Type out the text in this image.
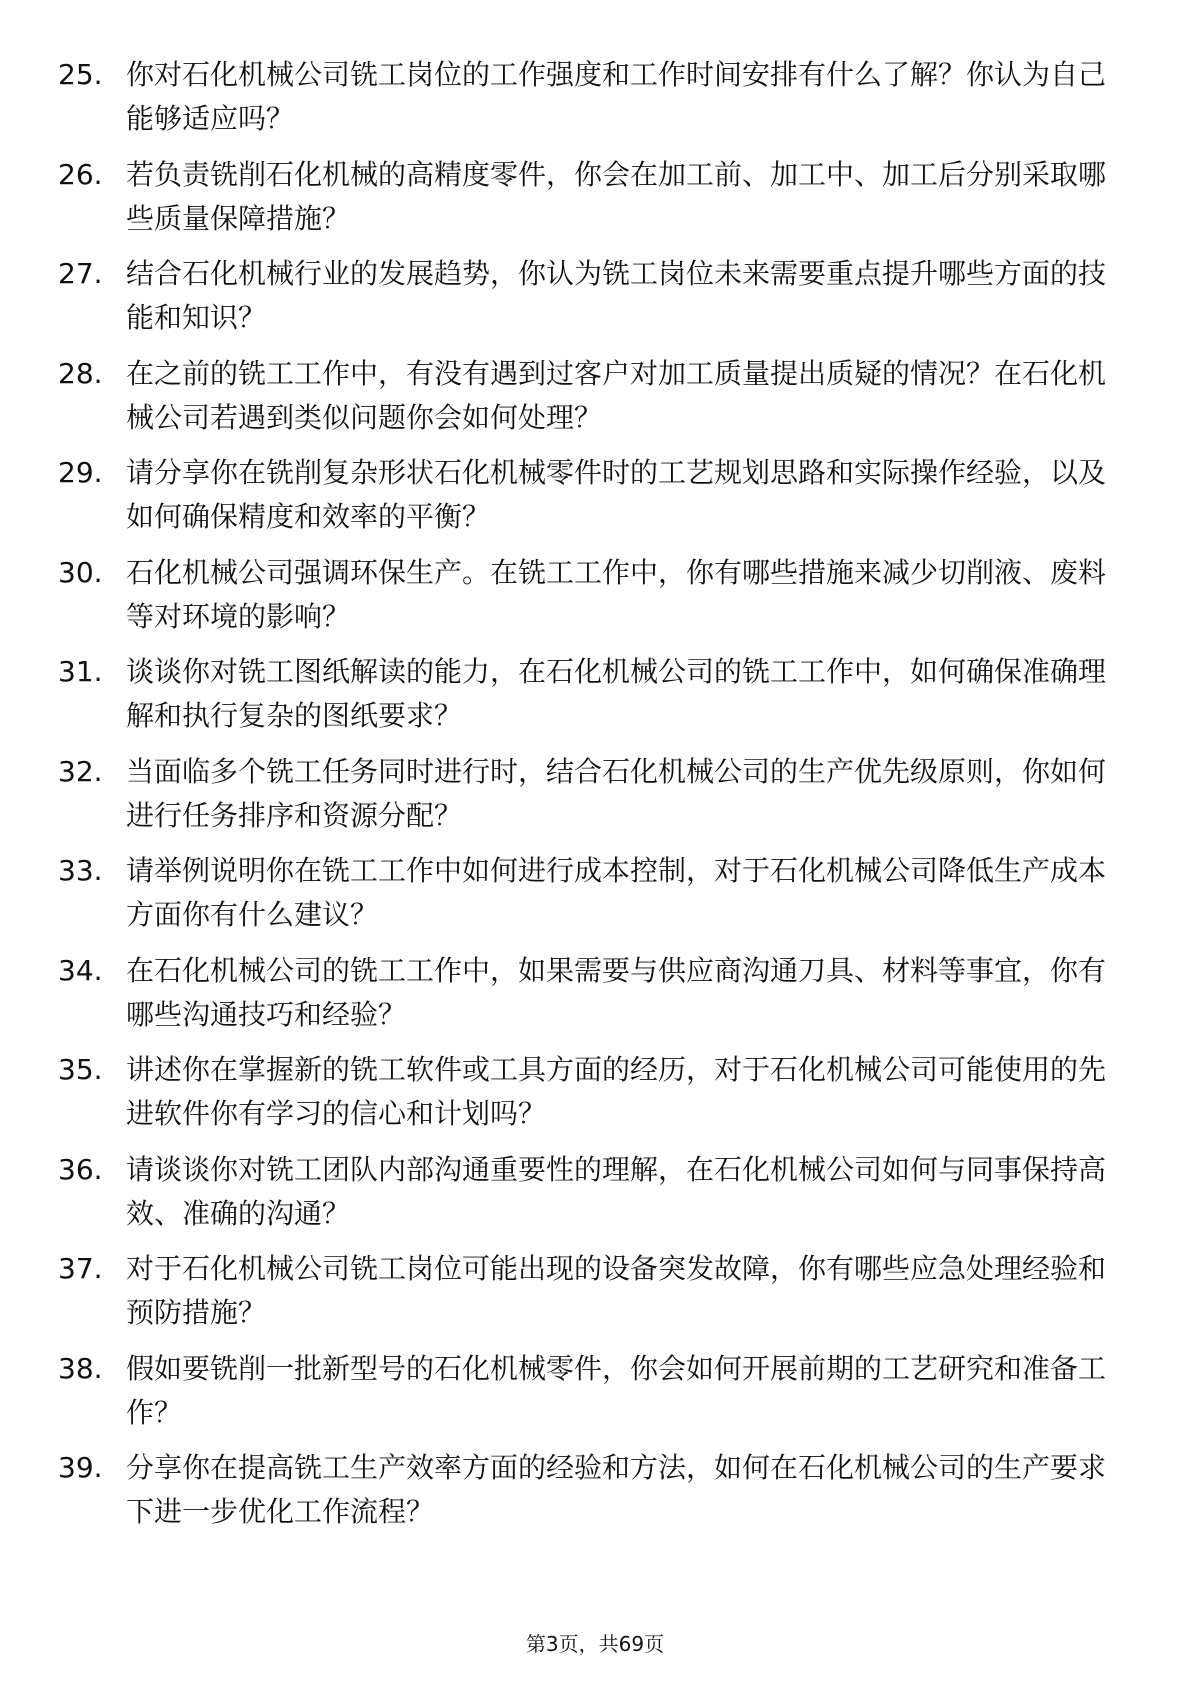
25. 你对石化机械公司铣工岗位的工作强度和工作时间安排有什么了解？你认为自己能够适应吗？
26. 若负责铣削石化机械的高精度零件，你会在加工前、加工中、加工后分别采取哪些质量保障措施？
27. 结合石化机械行业的发展趋势，你认为铣工岗位未来需要重点提升哪些方面的技能和知识？
28. 在之前的铣工工作中，有没有遇到过客户对加工质量提出质疑的情况？在石化机械公司若遇到类似问题你会如何处理？
29. 请分享你在铣削复杂形状石化机械零件时的工艺规划思路和实际操作经验，以及如何确保精度和效率的平衡？
30. 石化机械公司强调环保生产。在铣工工作中，你有哪些措施来减少切削液、废料等对环境的影响？
31. 谈谈你对铣工图纸解读的能力，在石化机械公司的铣工工作中，如何确保准确理解和执行复杂的图纸要求？
32. 当面临多个铣工任务同时进行时，结合石化机械公司的生产优先级原则，你如何进行任务排序和资源分配？
33. 请举例说明你在铣工工作中如何进行成本控制，对于石化机械公司降低生产成本方面你有什么建议？
34. 在石化机械公司的铣工工作中，如果需要与供应商沟通刀具、材料等事宜，你有哪些沟通技巧和经验？
35. 讲述你在掌握新的铣工软件或工具方面的经历，对于石化机械公司可能使用的先进软件你有学习的信心和计划吗？
36. 请谈谈你对铣工团队内部沟通重要性的理解，在石化机械公司如何与同事保持高效、准确的沟通？
37. 对于石化机械公司铣工岗位可能出现的设备突发故障，你有哪些应急处理经验和预防措施？
38. 假如要铣削一批新型号的石化机械零件，你会如何开展前期的工艺研究和准备工作？
39. 分享你在提高铣工生产效率方面的经验和方法，如何在石化机械公司的生产要求下进一步优化工作流程？
第3页，共69页
